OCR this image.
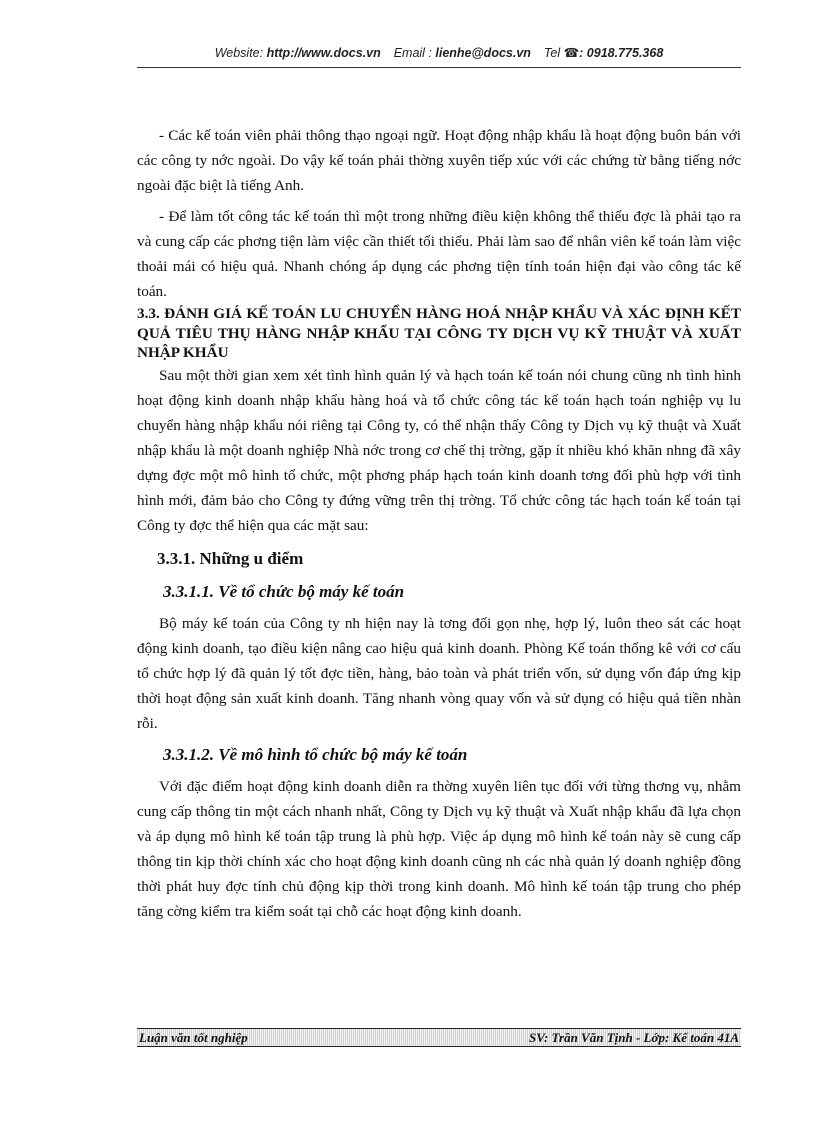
Website: http://www.docs.vn Email : lienhe@docs.vn Tel ☎: 0918.775.368

- Các kế toán viên phải thông thạo ngoại ngữ. Hoạt động nhập khẩu là hoạt động buôn bán với các công ty nớc ngoài. Do vậy kế toán phải thờng xuyên tiếp xúc với các chứng từ bằng tiếng nớc ngoài đặc biệt là tiếng Anh.

- Để làm tốt công tác kế toán thì một trong những điều kiện không thể thiếu đợc là phải tạo ra và cung cấp các phơng tiện làm việc cần thiết tối thiểu. Phải làm sao để nhân viên kế toán làm việc thoải mái có hiệu quả. Nhanh chóng áp dụng các phơng tiện tính toán hiện đại vào công tác kế toán.

3.3. ĐÁNH GIÁ KẾ TOÁN LU CHUYỂN HÀNG HOÁ NHẬP KHẨU VÀ XÁC ĐỊNH KẾT QUẢ TIÊU THỤ HÀNG NHẬP KHẨU TẠI CÔNG TY DỊCH VỤ KỸ THUẬT VÀ XUẤT NHẬP KHẨU

Sau một thời gian xem xét tình hình quản lý và hạch toán kế toán nói chung cũng nh tình hình hoạt động kinh doanh nhập khẩu hàng hoá và tổ chức công tác kế toán hạch toán nghiệp vụ lu chuyển hàng nhập khẩu nói riêng tại Công ty, có thể nhận thấy Công ty Dịch vụ kỹ thuật và Xuất nhập khẩu là một doanh nghiệp Nhà nớc trong cơ chế thị trờng, gặp ít nhiều khó khăn nhng đã xây dựng đợc một mô hình tổ chức, một phơng pháp hạch toán kinh doanh tơng đối phù hợp với tình hình mới, đảm bảo cho Công ty đứng vững trên thị trờng. Tổ chức công tác hạch toán kế toán tại Công ty đợc thể hiện qua các mặt sau:

3.3.1. Những u điểm
3.3.1.1. Về tổ chức bộ máy kế toán

Bộ máy kế toán của Công ty nh hiện nay là tơng đối gọn nhẹ, hợp lý, luôn theo sát các hoạt động kinh doanh, tạo điều kiện nâng cao hiệu quả kinh doanh. Phòng Kế toán thống kê với cơ cấu tổ chức hợp lý đã quản lý tốt đợc tiền, hàng, bảo toàn và phát triển vốn, sử dụng vốn đáp ứng kịp thời hoạt động sản xuất kinh doanh. Tăng nhanh vòng quay vốn và sử dụng có hiệu quả tiền nhàn rỗi.

3.3.1.2. Về mô hình tổ chức bộ máy kế toán

Với đặc điểm hoạt động kinh doanh diễn ra thờng xuyên liên tục đối với từng thơng vụ, nhằm cung cấp thông tin một cách nhanh nhất, Công ty Dịch vụ kỹ thuật và Xuất nhập khẩu đã lựa chọn và áp dụng mô hình kế toán tập trung là phù hợp. Việc áp dụng mô hình kế toán này sẽ cung cấp thông tin kịp thời chính xác cho hoạt động kinh doanh cũng nh các nhà quản lý doanh nghiệp đồng thời phát huy đợc tính chủ động kịp thời trong kinh doanh. Mô hình kế toán tập trung cho phép tăng cờng kiểm tra kiểm soát tại chỗ các hoạt động kinh doanh.

Luận văn tốt nghiệp	SV: Trần Văn Tịnh - Lớp: Kế toán 41A
